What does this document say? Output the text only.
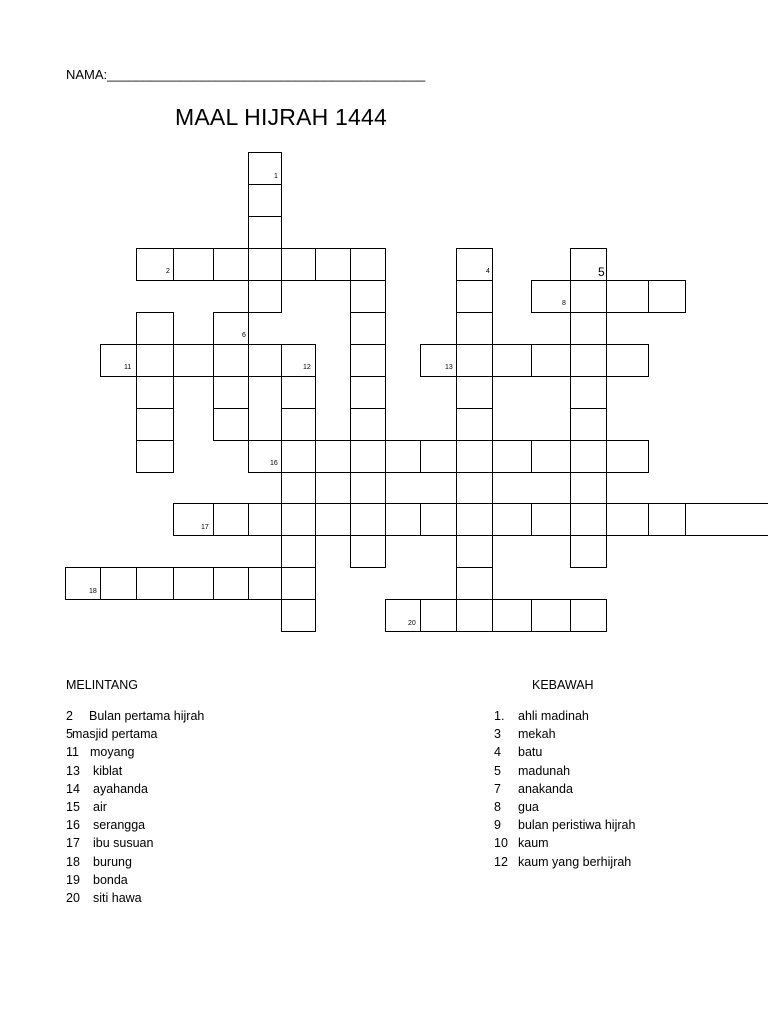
NAMA:____________________________________________
MAAL HIJRAH 1444
1
2	4	5
8
6
11	12	13
16
17
18
20
MELINTANG	KEBAWAH
2 Bulan pertama hijrah
5 masjid pertama
11 moyang
13 kiblat
14 ayahanda
15 air
16 serangga
17 ibu susuan
18 burung
19 bonda
20 siti hawa
1. ahli madinah
3 mekah
4 batu
5 madunah
7 anakanda
8 gua
9 bulan peristiwa hijrah
10 kaum
12 kaum yang berhijrah
